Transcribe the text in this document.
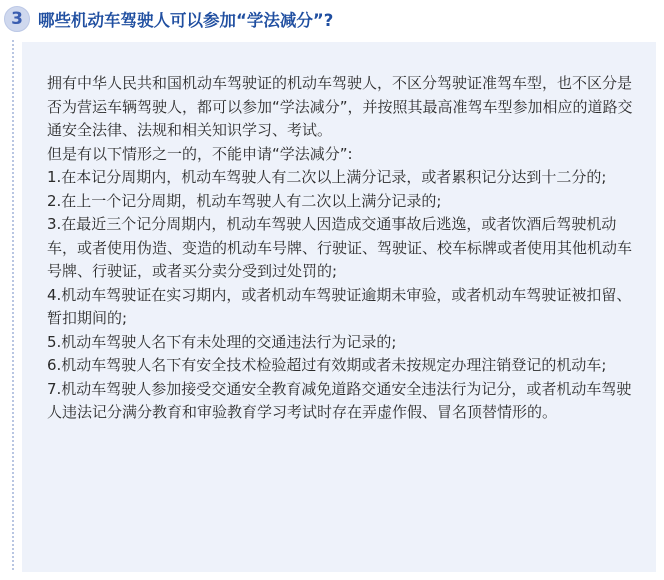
3 哪些机动车驾驶人可以参加“学法减分”?

拥有中华人民共和国机动车驾驶证的机动车驾驶人，不区分驾驶证准驾车型，也不区分是否为营运车辆驾驶人，都可以参加“学法减分”，并按照其最高准驾车型参加相应的道路交通安全法律、法规和相关知识学习、考试。

但是有以下情形之一的，不能申请“学法减分”:

1.在本记分周期内，机动车驾驶人有二次以上满分记录，或者累积记分达到十二分的;

2.在上一个记分周期，机动车驾驶人有二次以上满分记录的;

3.在最近三个记分周期内，机动车驾驶人因造成交通事故后逃逸，或者饮酒后驾驶机动车，或者使用伪造、变造的机动车号牌、行驶证、驾驶证、校车标牌或者使用其他机动车号牌、行驶证，或者买分卖分受到过处罚的;

4.机动车驾驶证在实习期内，或者机动车驾驶证逾期未审验，或者机动车驾驶证被扣留、暂扣期间的;

5.机动车驾驶人名下有未处理的交通违法行为记录的;

6.机动车驾驶人名下有安全技术检验超过有效期或者未按规定办理注销登记的机动车;

7.机动车驾驶人参加接受交通安全教育减免道路交通安全违法行为记分，或者机动车驾驶人违法记分满分教育和审验教育学习考试时存在弄虚作假、冒名顶替情形的。
